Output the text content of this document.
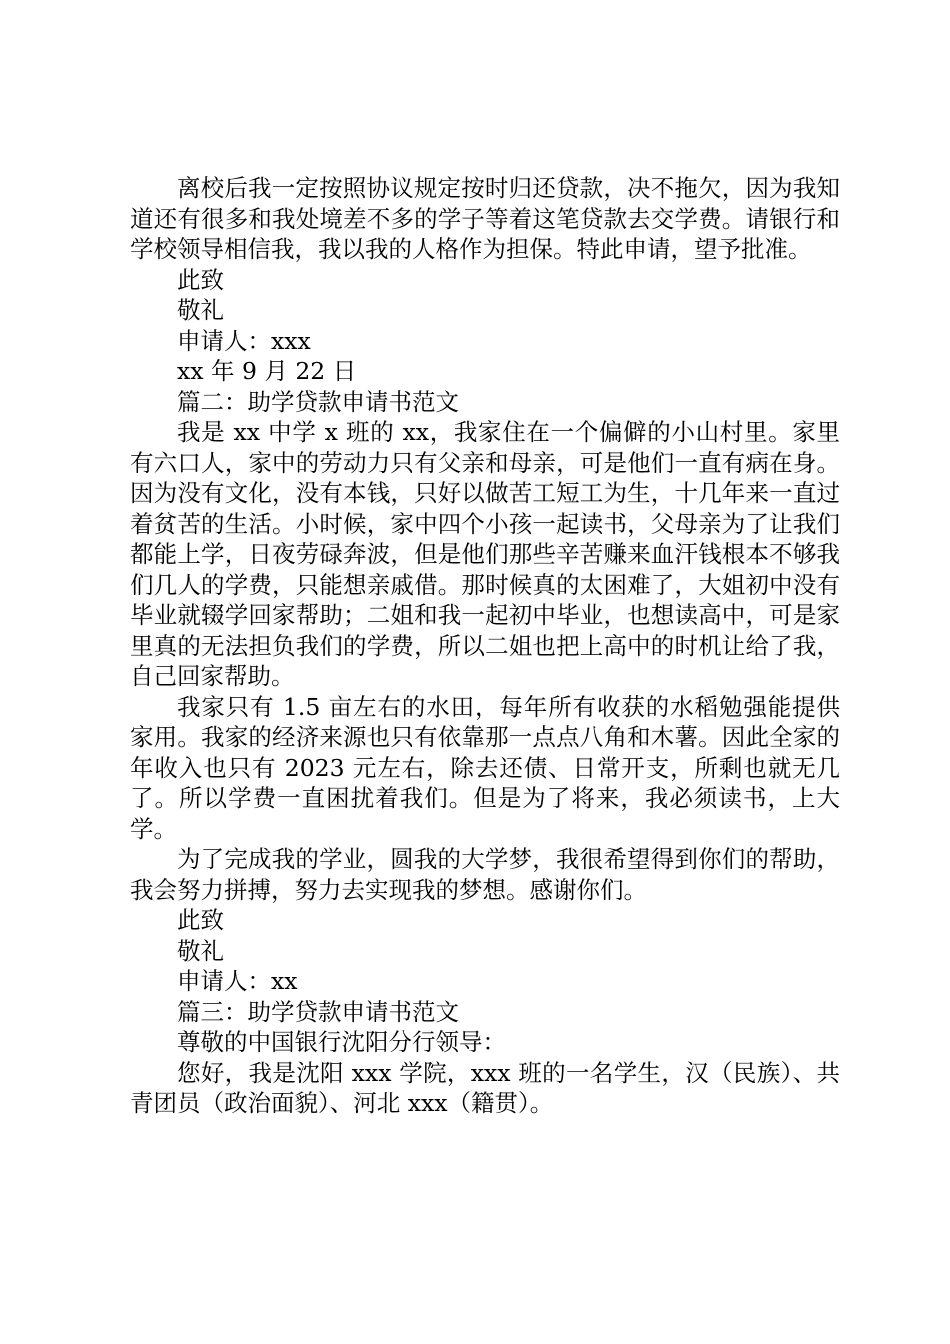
离校后我一定按照协议规定按时归还贷款，决不拖欠，因为我知道还有很多和我处境差不多的学子等着这笔贷款去交学费。请银行和学校领导相信我，我以我的人格作为担保。特此申请，望予批准。

此致

敬礼

申请人：xxx

xx 年 9 月 22 日

篇二：助学贷款申请书范文

我是 xx 中学 x 班的 xx，我家住在一个偏僻的小山村里。家里有六口人，家中的劳动力只有父亲和母亲，可是他们一直有病在身。因为没有文化，没有本钱，只好以做苦工短工为生，十几年来一直过着贫苦的生活。小时候，家中四个小孩一起读书，父母亲为了让我们都能上学，日夜劳碌奔波，但是他们那些辛苦赚来血汗钱根本不够我们几人的学费，只能想亲戚借。那时候真的太困难了，大姐初中没有毕业就辍学回家帮助；二姐和我一起初中毕业，也想读高中，可是家里真的无法担负我们的学费，所以二姐也把上高中的时机让给了我，自己回家帮助。

我家只有 1.5 亩左右的水田，每年所有收获的水稻勉强能提供家用。我家的经济来源也只有依靠那一点点八角和木薯。因此全家的年收入也只有 2023 元左右，除去还债、日常开支，所剩也就无几了。所以学费一直困扰着我们。但是为了将来，我必须读书，上大学。

为了完成我的学业，圆我的大学梦，我很希望得到你们的帮助，我会努力拼搏，努力去实现我的梦想。感谢你们。

此致

敬礼

申请人：xx

篇三：助学贷款申请书范文

尊敬的中国银行沈阳分行领导：

您好，我是沈阳 xxx 学院，xxx 班的一名学生，汉（民族）、共青团员（政治面貌）、河北 xxx（籍贯）。
